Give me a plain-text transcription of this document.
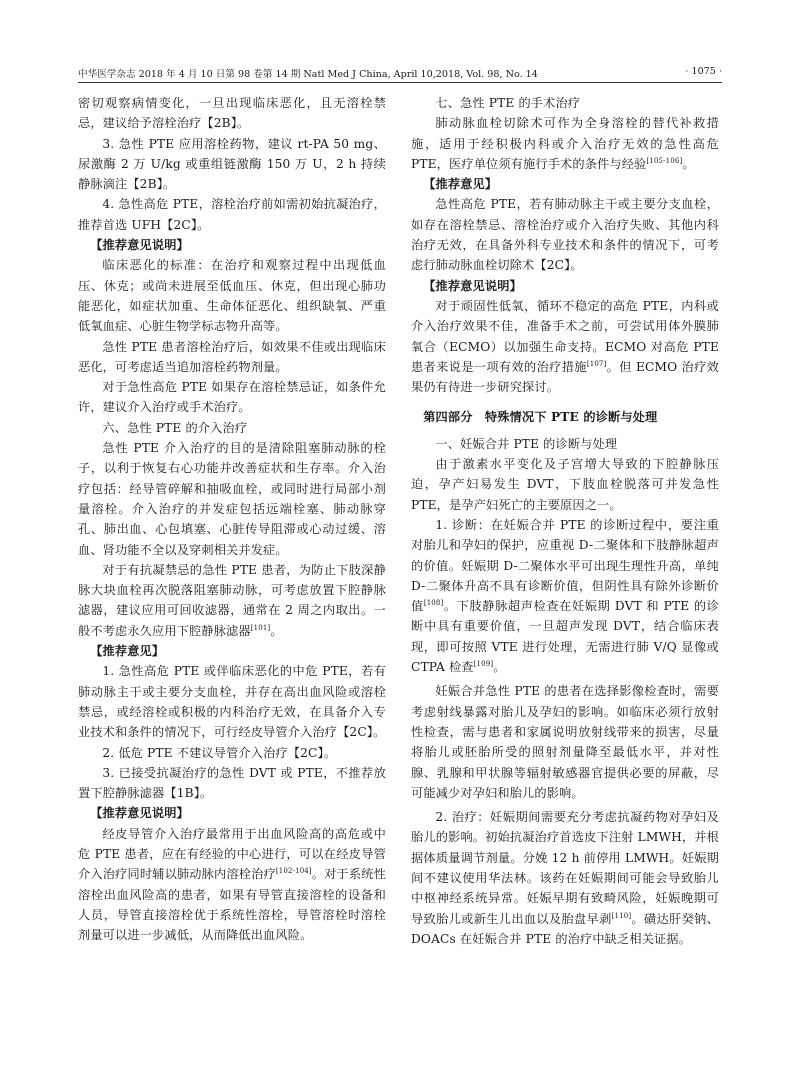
中华医学杂志 2018 年 4 月 10 日第 98 卷第 14 期 Natl Med J China, April 10,2018, Vol. 98, No. 14	· 1075 ·

密切观察病情变化，一旦出现临床恶化，且无溶栓禁忌，建议给予溶栓治疗【2B】。

3. 急性 PTE 应用溶栓药物，建议 rt-PA 50 mg、尿激酶 2 万 U/kg 或重组链激酶 150 万 U，2 h 持续静脉滴注【2B】。

4. 急性高危 PTE，溶栓治疗前如需初始抗凝治疗，推荐首选 UFH【2C】。

【推荐意见说明】

临床恶化的标准：在治疗和观察过程中出现低血压、休克；或尚未进展至低血压、休克，但出现心肺功能恶化，如症状加重、生命体征恶化、组织缺氧、严重低氧血症、心脏生物学标志物升高等。

急性 PTE 患者溶栓治疗后，如效果不佳或出现临床恶化，可考虑适当追加溶栓药物剂量。

对于急性高危 PTE 如果存在溶栓禁忌证，如条件允许，建议介入治疗或手术治疗。

六、急性 PTE 的介入治疗

急性 PTE 介入治疗的目的是清除阻塞肺动脉的栓子，以利于恢复右心功能并改善症状和生存率。介入治疗包括：经导管碎解和抽吸血栓，或同时进行局部小剂量溶栓。介入治疗的并发症包括远端栓塞、肺动脉穿孔、肺出血、心包填塞、心脏传导阻滞或心动过缓、溶血、肾功能不全以及穿刺相关并发症。

对于有抗凝禁忌的急性 PTE 患者，为防止下肢深静脉大块血栓再次脱落阻塞肺动脉，可考虑放置下腔静脉滤器，建议应用可回收滤器，通常在 2 周之内取出。一般不考虑永久应用下腔静脉滤器[101]。

【推荐意见】

1. 急性高危 PTE 或伴临床恶化的中危 PTE，若有肺动脉主干或主要分支血栓，并存在高出血风险或溶栓禁忌，或经溶栓或积极的内科治疗无效，在具备介入专业技术和条件的情况下，可行经皮导管介入治疗【2C】。

2. 低危 PTE 不建议导管介入治疗【2C】。

3. 已接受抗凝治疗的急性 DVT 或 PTE，不推荐放置下腔静脉滤器【1B】。

【推荐意见说明】

经皮导管介入治疗最常用于出血风险高的高危或中危 PTE 患者，应在有经验的中心进行，可以在经皮导管介入治疗同时辅以肺动脉内溶栓治疗[102-104]。对于系统性溶栓出血风险高的患者，如果有导管直接溶栓的设备和人员，导管直接溶栓优于系统性溶栓，导管溶栓时溶栓剂量可以进一步减低，从而降低出血风险。

七、急性 PTE 的手术治疗

肺动脉血栓切除术可作为全身溶栓的替代补救措施，适用于经积极内科或介入治疗无效的急性高危 PTE，医疗单位须有施行手术的条件与经验[105-106]。

【推荐意见】

急性高危 PTE，若有肺动脉主干或主要分支血栓，如存在溶栓禁忌、溶栓治疗或介入治疗失败、其他内科治疗无效，在具备外科专业技术和条件的情况下，可考虑行肺动脉血栓切除术【2C】。

【推荐意见说明】

对于顽固性低氧，循环不稳定的高危 PTE，内科或介入治疗效果不佳，准备手术之前，可尝试用体外膜肺氧合（ECMO）以加强生命支持。ECMO 对高危 PTE 患者来说是一项有效的治疗措施[107]。但 ECMO 治疗效果仍有待进一步研究探讨。

第四部分　特殊情况下 PTE 的诊断与处理

一、妊娠合并 PTE 的诊断与处理

由于激素水平变化及子宫增大导致的下腔静脉压迫，孕产妇易发生 DVT，下肢血栓脱落可并发急性 PTE，是孕产妇死亡的主要原因之一。

1. 诊断：在妊娠合并 PTE 的诊断过程中，要注重对胎儿和孕妇的保护，应重视 D-二聚体和下肢静脉超声的价值。妊娠期 D-二聚体水平可出现生理性升高，单纯 D-二聚体升高不具有诊断价值，但阴性具有除外诊断价值[108]。下肢静脉超声检查在妊娠期 DVT 和 PTE 的诊断中具有重要价值，一旦超声发现 DVT，结合临床表现，即可按照 VTE 进行处理，无需进行肺 V/Q 显像或 CTPA 检查[109]。

妊娠合并急性 PTE 的患者在选择影像检查时，需要考虑射线暴露对胎儿及孕妇的影响。如临床必须行放射性检查，需与患者和家属说明放射线带来的损害，尽量将胎儿或胚胎所受的照射剂量降至最低水平，并对性腺、乳腺和甲状腺等辐射敏感器官提供必要的屏蔽，尽可能减少对孕妇和胎儿的影响。

2. 治疗：妊娠期间需要充分考虑抗凝药物对孕妇及胎儿的影响。初始抗凝治疗首选皮下注射 LMWH，并根据体质量调节剂量。分娩 12 h 前停用 LMWH。妊娠期间不建议使用华法林。该药在妊娠期间可能会导致胎儿中枢神经系统异常。妊娠早期有致畸风险，妊娠晚期可导致胎儿或新生儿出血以及胎盘早剥[110]。磺达肝癸钠、DOACs 在妊娠合并 PTE 的治疗中缺乏相关证据。
